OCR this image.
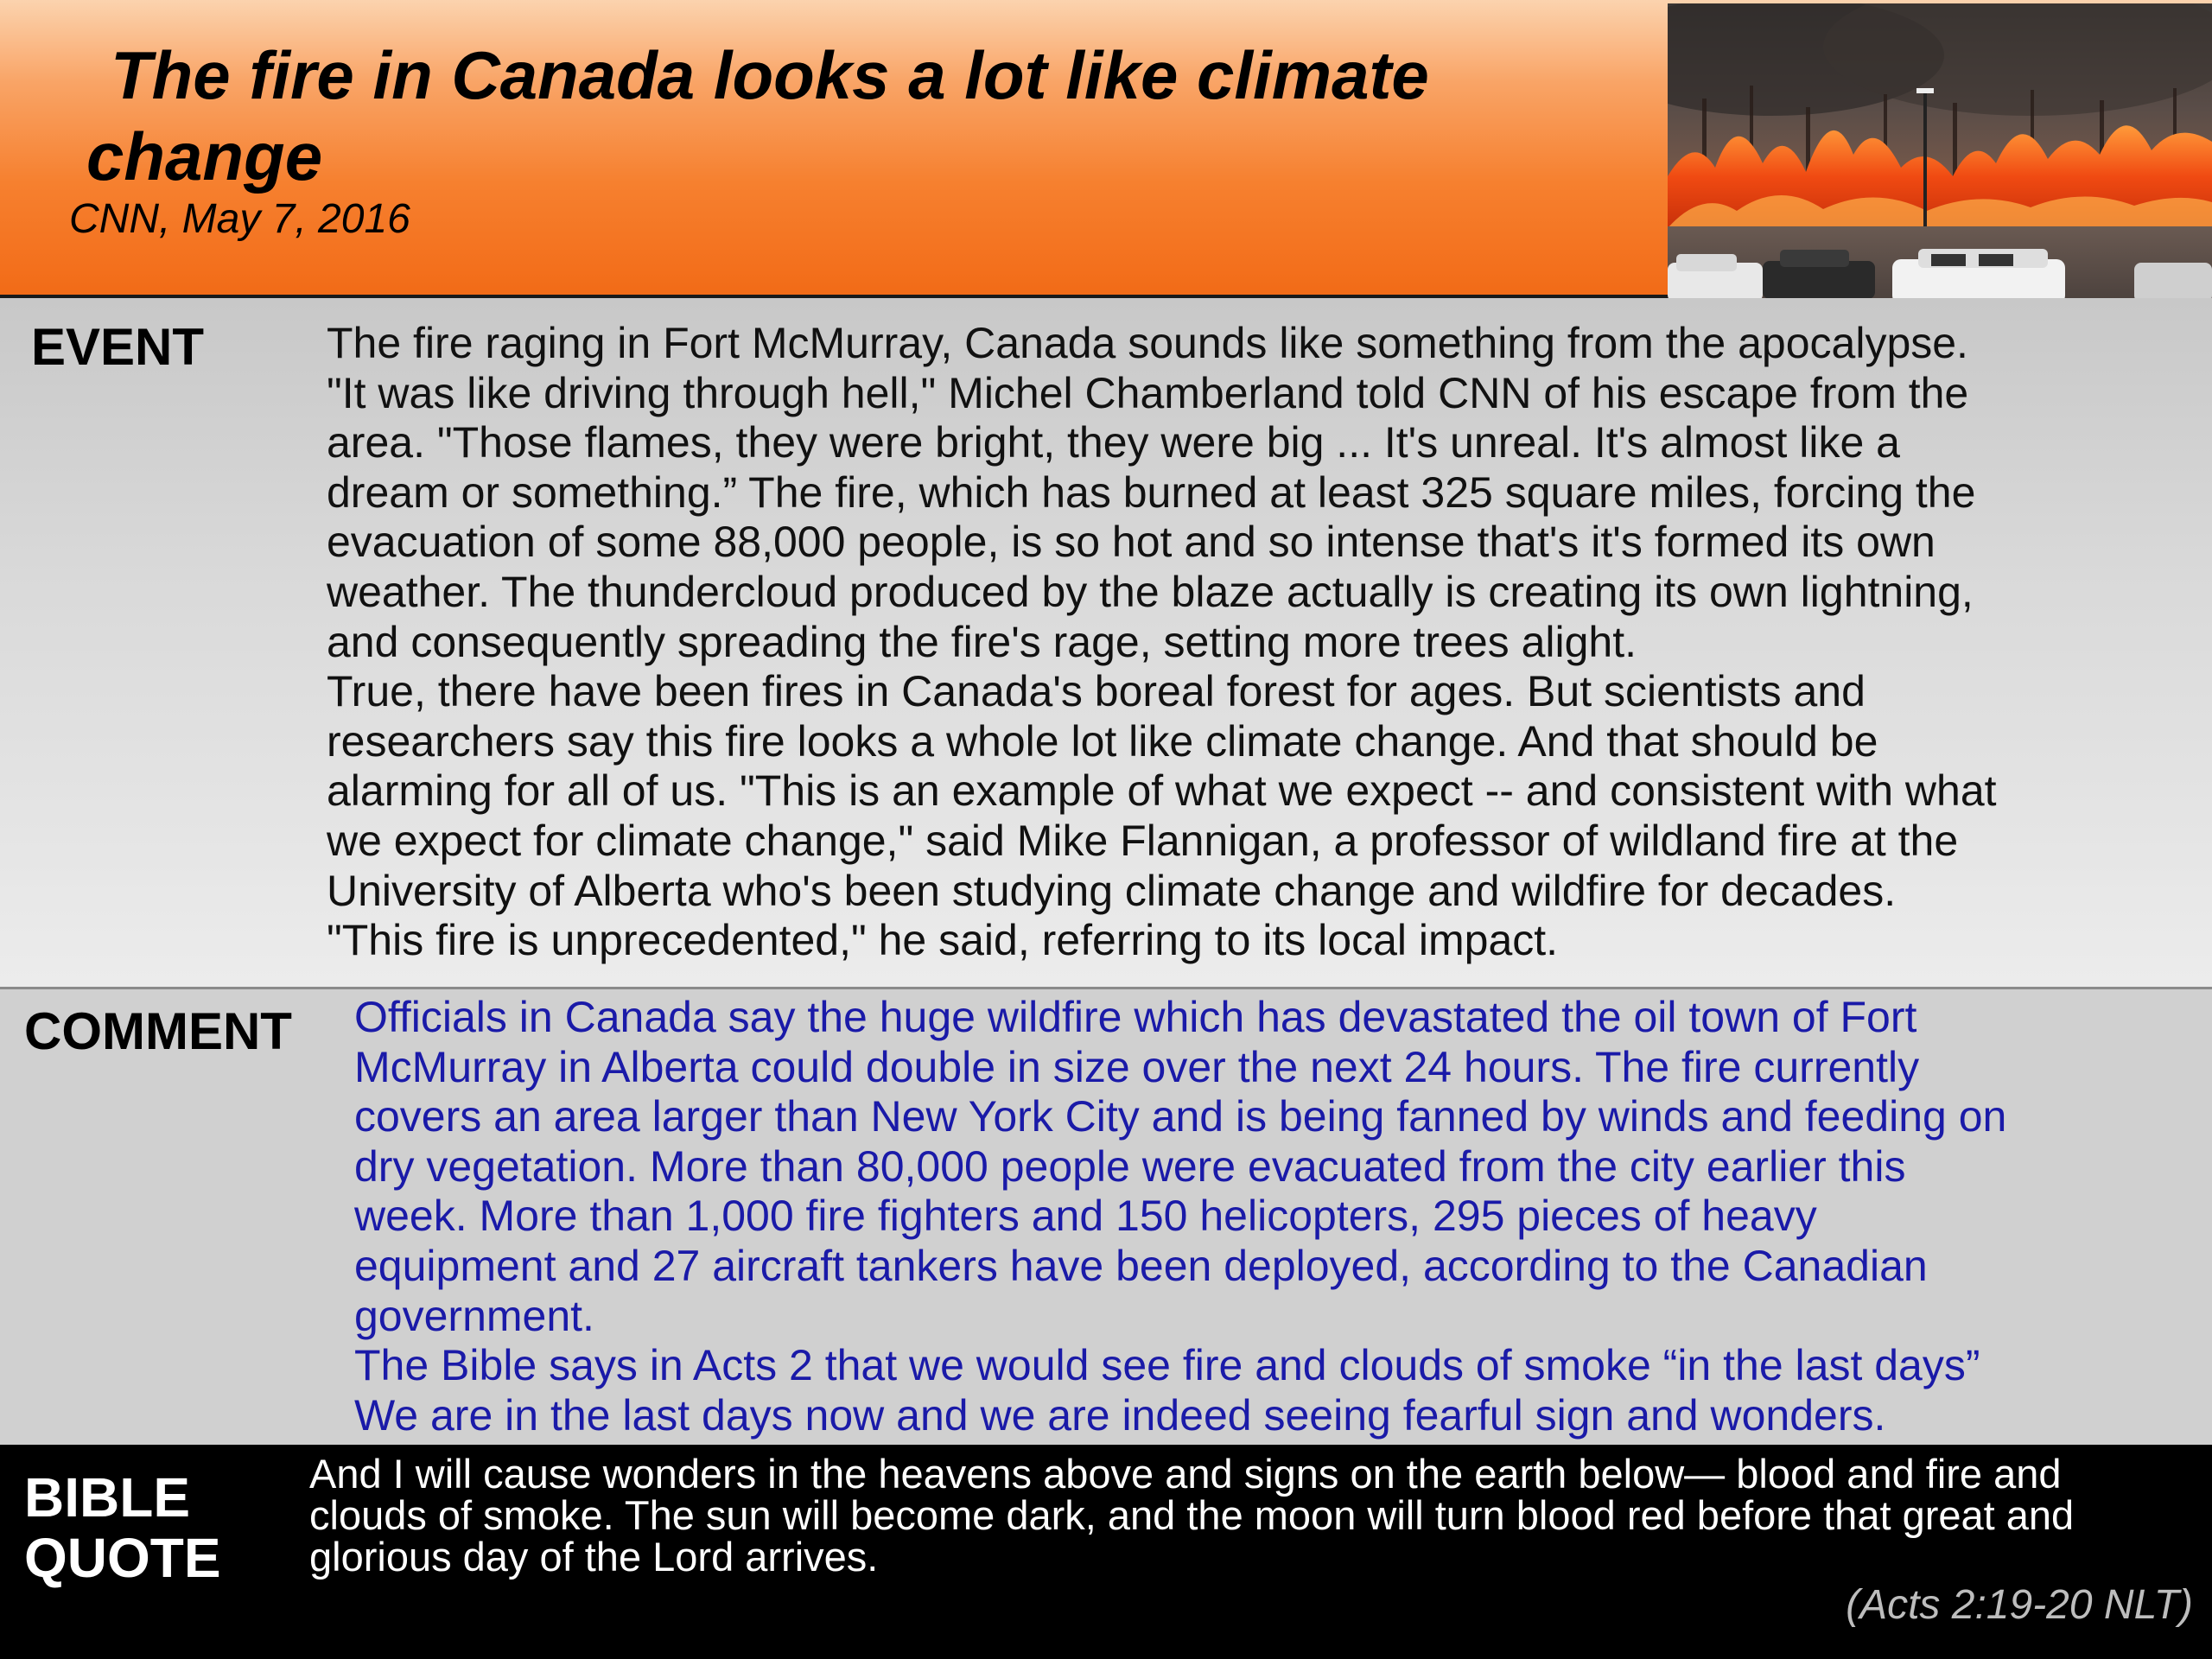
The fire in Canada looks a lot like climate change
CNN, May 7, 2016
EVENT	The fire raging in Fort McMurray, Canada sounds like something from the apocalypse.

"It was like driving through hell," Michel Chamberland told CNN of his escape from the

area. "Those flames, they were bright, they were big ... It's unreal. It's almost like a

dream or something.” The fire, which has burned at least 325 square miles, forcing the

evacuation of some 88,000 people, is so hot and so intense that's it's formed its own

weather. The thundercloud produced by the blaze actually is creating its own lightning,

and consequently spreading the fire's rage, setting more trees alight.

True, there have been fires in Canada's boreal forest for ages. But scientists and

researchers say this fire looks a whole lot like climate change. And that should be

alarming for all of us. "This is an example of what we expect -- and consistent with what

we expect for climate change," said Mike Flannigan, a professor of wildland fire at the

University of Alberta who's been studying climate change and wildfire for decades.

"This fire is unprecedented," he said, referring to its local impact.

COMMENT Officials in Canada say the huge wildfire which has devastated the oil town of Fort

McMurray in Alberta could double in size over the next 24 hours. The fire currently

covers an area larger than New York City and is being fanned by winds and feeding on

dry vegetation. More than 80,000 people were evacuated from the city earlier this

week. More than 1,000 fire fighters and 150 helicopters, 295 pieces of heavy

equipment and 27 aircraft tankers have been deployed, according to the Canadian

government.

The Bible says in Acts 2 that we would see fire and clouds of smoke “in the last days”

We are in the last days now and we are indeed seeing fearful sign and wonders.

BIBLE
QUOTE

And I will cause wonders in the heavens above and signs on the earth below— blood and fire and

clouds of smoke. The sun will become dark, and the moon will turn blood red before that great and

glorious day of the Lord arrives.

(Acts 2:19-20 NLT)
